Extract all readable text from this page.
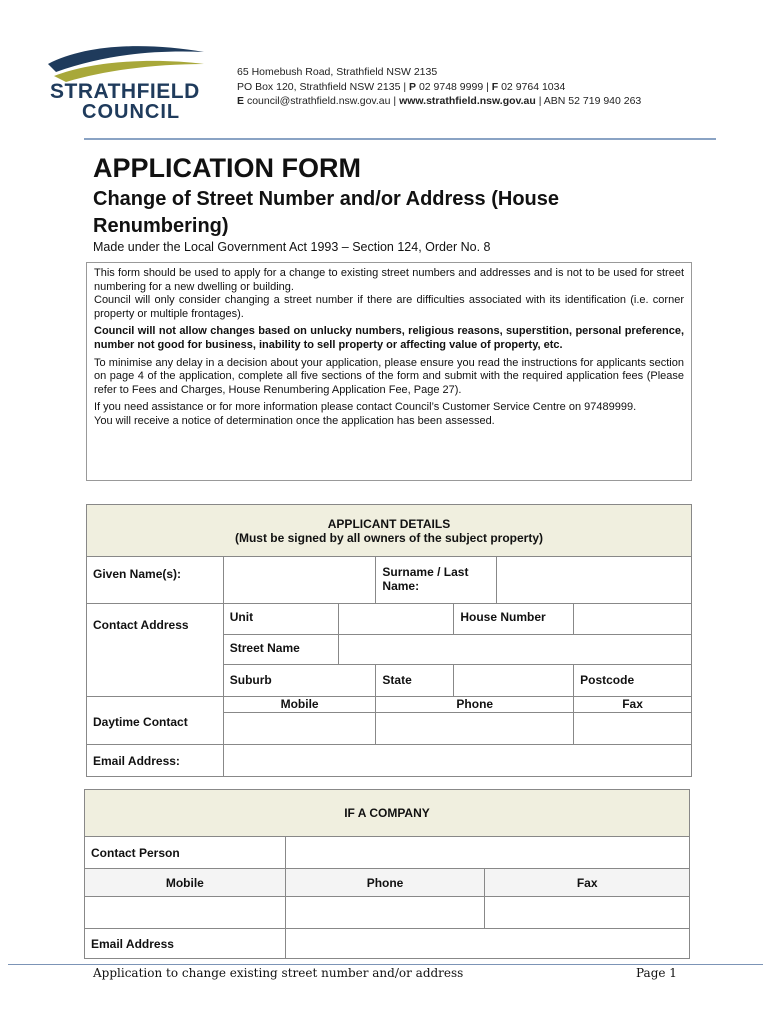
STRATHFIELD
COUNCIL
65 Homebush Road, Strathfield NSW 2135
PO Box 120, Strathfield NSW 2135 | P 02 9748 9999 | F 02 9764 1034
E council@strathfield.nsw.gov.au | www.strathfield.nsw.gov.au | ABN 52 719 940 263
APPLICATION FORM
Change of Street Number and/or Address (House Renumbering)
Made under the Local Government Act 1993 – Section 124, Order No. 8

This form should be used to apply for a change to existing street numbers and addresses and is not to be used for street numbering for a new dwelling or building.

Council will only consider changing a street number if there are difficulties associated with its identification (i.e. corner property or multiple frontages).

Council will not allow changes based on unlucky numbers, religious reasons, superstition, personal preference, number not good for business, inability to sell property or affecting value of property, etc.

To minimise any delay in a decision about your application, please ensure you read the instructions for applicants section on page 4 of the application, complete all five sections of the form and submit with the required application fees (Please refer to Fees and Charges, House Renumbering Application Fee, Page 27).

If you need assistance or for more information please contact Council’s Customer Service Centre on 97489999.

You will receive a notice of determination once the application has been assessed.

APPLICANT DETAILS
(Must be signed by all owners of the subject property)						

Given Name(s):			Surname / Last Name:			
Contact Address	Unit			House Number		
	Street Name					
	Suburb		State			Postcode
Daytime Contact	Mobile		Phone			Fax

Email Address:						
IF A COMPANY		
Contact Person		
Mobile	Phone	Fax

Email Address		
Application to change existing street number and/or address	Page 1
